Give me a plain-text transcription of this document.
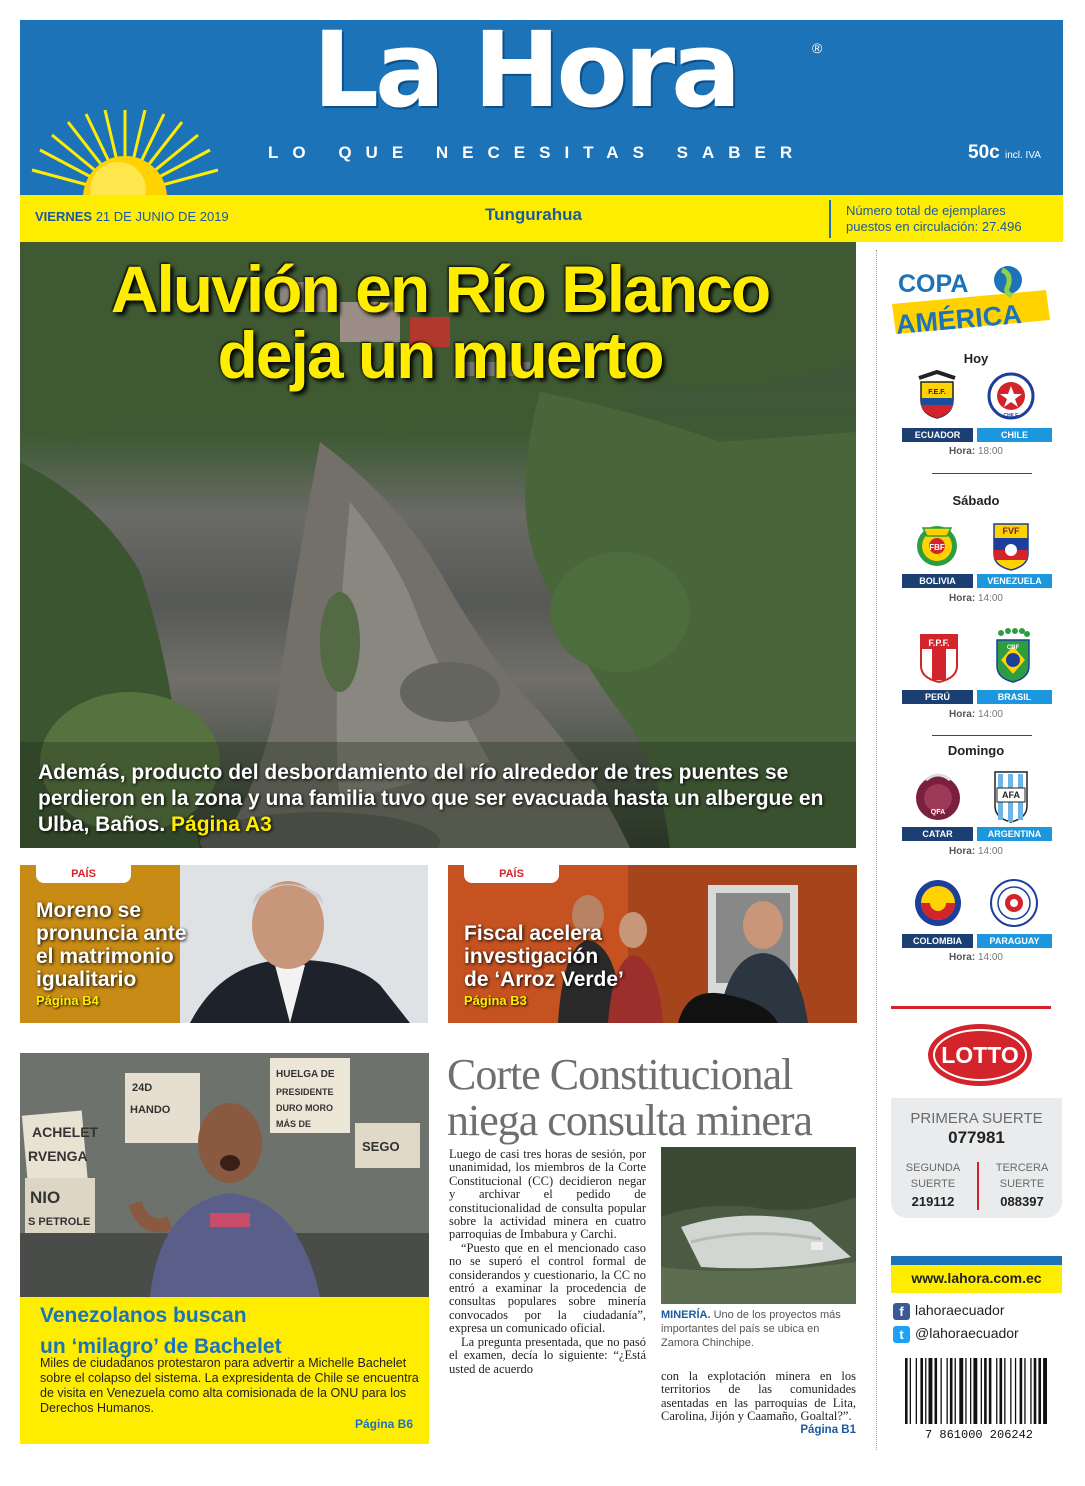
La Hora	®
LO QUE NECESITAS SABER	50c incl. IVA
VIERNES 21 DE JUNIO DE 2019	Tungurahua	Número total de ejemplares
puestos en circulación: 27.496
Aluvión en Río Blanco
deja un muerto
Además, producto del desbordamiento del río alrededor de tres puentes se perdieron en la zona y una familia tuvo que ser evacuada hasta un albergue en Ulba, Baños. Página A3
PAÍS
Moreno se
pronuncia ante
el matrimonio
igualitario
Página B4
PAÍS
Fiscal acelera
investigación
de ‘Arroz Verde’
Página B3
ACHELET
RVENGA
NIO
S PETROLE
24D
HANDO
HUELGA DE
PRESIDENTE
DURO MORO
MÁS DE
SEGO
Venezolanos buscan
un ‘milagro’ de Bachelet
Miles de ciudadanos protestaron para advertir a Michelle Bachelet sobre el colapso del sistema. La expresidenta de Chile se encuentra de visita en Venezuela como alta comisionada de la ONU para los Derechos Humanos.
Página B6
Corte Constitucional
niega consulta minera

Luego de casi tres horas de sesión, por unanimidad, los miembros de la Corte Constitucional (CC) decidieron negar y archivar el pedido de constitucionalidad de consulta popular sobre la actividad minera en cuatro parroquias de Imbabura y Carchi.

“Puesto que en el mencionado caso no se superó el control formal de considerandos y cuestionario, la CC no entró a examinar la procedencia de consultas populares sobre minería convocados por la ciudadanía”, expresa un comunicado oficial.

La pregunta presentada, que no pasó el examen, decía lo siguiente: “¿Está usted de acuerdo

MINERÍA. Uno de los proyectos más importantes del país se ubica en Zamora Chinchipe.
con la explotación minera en los territorios de las comunidades asentadas en las parroquias de Lita, Carolina, Jijón y Caamaño, Goaltal?”.
Página B1
COPA
AMÉRICA
Hoy
F.E.F.
CHILE
ECUADOR	CHILE
Hora: 18:00
Sábado
FBF
FVF
BOLIVIA	VENEZUELA
Hora: 14:00
F.P.F.	CBF
PERÚ	BRASIL
Hora: 14:00
Domingo
QFA
AFA
CATAR	ARGENTINA
Hora: 14:00
COLOMBIA	PARAGUAY
Hora: 14:00
LOTTO
PRIMERA SUERTE
077981
SEGUNDA
SUERTE
219112
TERCERA
SUERTE
088397
www.lahora.com.ec
f lahoraecuador
t @lahoraecuador
7 861000 206242
